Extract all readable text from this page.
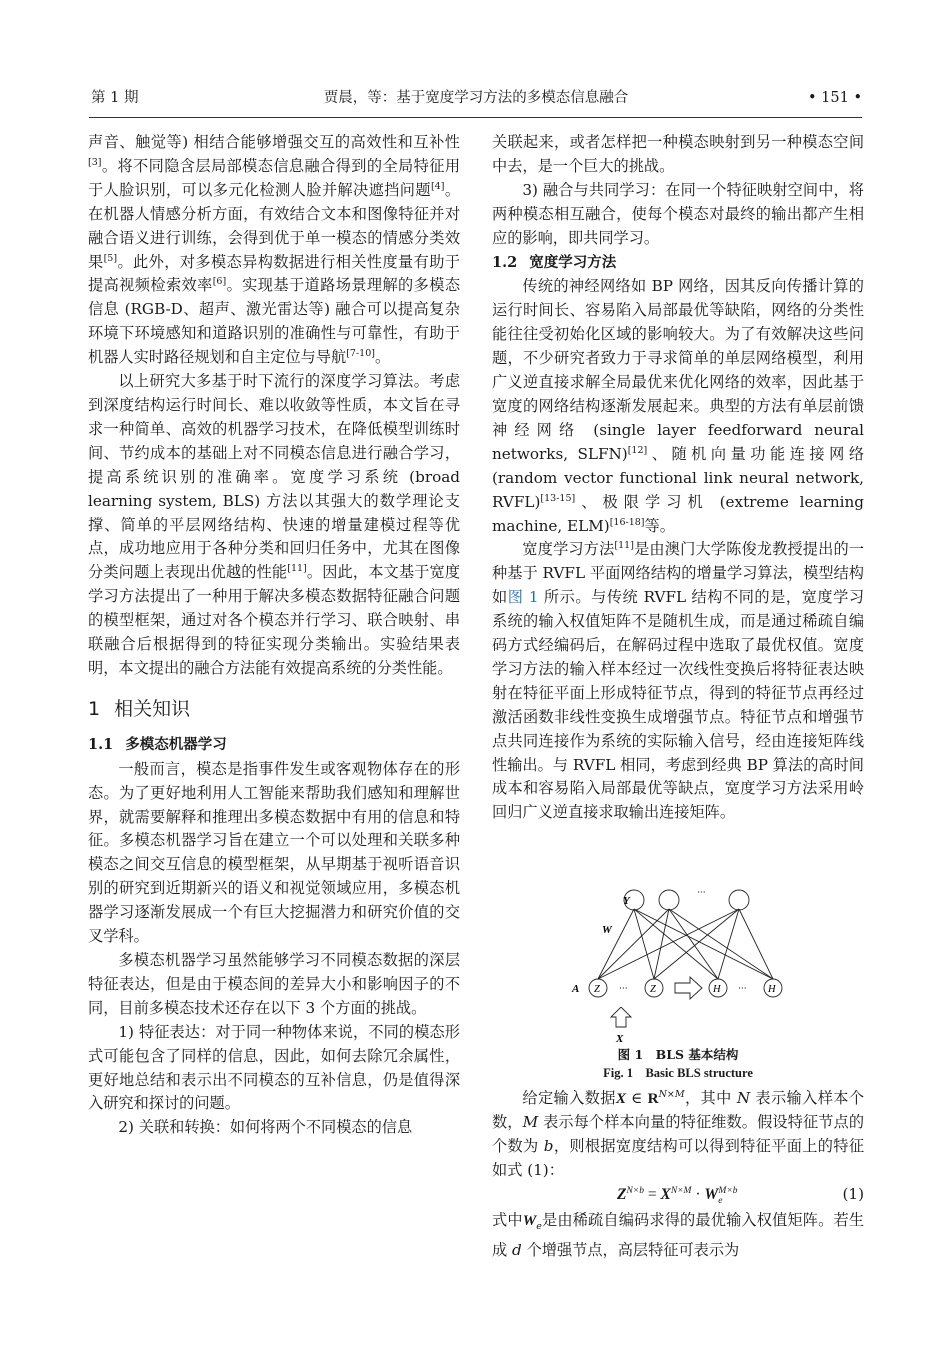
第 1 期	贾晨，等：基于宽度学习方法的多模态信息融合	• 151 •

声音、触觉等) 相结合能够增强交互的高效性和互补性[3]。将不同隐含层局部模态信息融合得到的全局特征用于人脸识别，可以多元化检测人脸并解决遮挡问题[4]。在机器人情感分析方面，有效结合文本和图像特征并对融合语义进行训练，会得到优于单一模态的情感分类效果[5]。此外，对多模态异构数据进行相关性度量有助于提高视频检索效率[6]。实现基于道路场景理解的多模态信息 (RGB-D、超声、激光雷达等) 融合可以提高复杂环境下环境感知和道路识别的准确性与可靠性，有助于机器人实时路径规划和自主定位与导航[7-10]。

以上研究大多基于时下流行的深度学习算法。考虑到深度结构运行时间长、难以收敛等性质，本文旨在寻求一种简单、高效的机器学习技术，在降低模型训练时间、节约成本的基础上对不同模态信息进行融合学习，提高系统识别的准确率。宽度学习系统 (broad learning system, BLS) 方法以其强大的数学理论支撑、简单的平层网络结构、快速的增量建模过程等优点，成功地应用于各种分类和回归任务中，尤其在图像分类问题上表现出优越的性能[11]。因此，本文基于宽度学习方法提出了一种用于解决多模态数据特征融合问题的模型框架，通过对各个模态并行学习、联合映射、串联融合后根据得到的特征实现分类输出。实验结果表明，本文提出的融合方法能有效提高系统的分类性能。

1 相关知识
1.1 多模态机器学习

一般而言，模态是指事件发生或客观物体存在的形态。为了更好地利用人工智能来帮助我们感知和理解世界，就需要解释和推理出多模态数据中有用的信息和特征。多模态机器学习旨在建立一个可以处理和关联多种模态之间交互信息的模型框架，从早期基于视听语音识别的研究到近期新兴的语义和视觉领域应用，多模态机器学习逐渐发展成一个有巨大挖掘潜力和研究价值的交叉学科。

多模态机器学习虽然能够学习不同模态数据的深层特征表达，但是由于模态间的差异大小和影响因子的不同，目前多模态技术还存在以下 3 个方面的挑战。

1) 特征表达：对于同一种物体来说，不同的模态形式可能包含了同样的信息，因此，如何去除冗余属性，更好地总结和表示出不同模态的互补信息，仍是值得深入研究和探讨的问题。

2) 关联和转换：如何将两个不同模态的信息

关联起来，或者怎样把一种模态映射到另一种模态空间中去，是一个巨大的挑战。

3) 融合与共同学习：在同一个特征映射空间中，将两种模态相互融合，使每个模态对最终的输出都产生相应的影响，即共同学习。

1.2 宽度学习方法

传统的神经网络如 BP 网络，因其反向传播计算的运行时间长、容易陷入局部最优等缺陷，网络的分类性能往往受初始化区域的影响较大。为了有效解决这些问题，不少研究者致力于寻求简单的单层网络模型，利用广义逆直接求解全局最优来优化网络的效率，因此基于宽度的网络结构逐渐发展起来。典型的方法有单层前馈神经网络 (single layer feedforward neural networks, SLFN)[12]、随机向量功能连接网络 (random vector functional link neural network, RVFL)[13-15]、极限学习机 (extreme learning machine, ELM)[16-18]等。

宽度学习方法[11]是由澳门大学陈俊龙教授提出的一种基于 RVFL 平面网络结构的增量学习算法，模型结构如图 1 所示。与传统 RVFL 结构不同的是，宽度学习系统的输入权值矩阵不是随机生成，而是通过稀疏自编码方式经编码后，在解码过程中选取了最优权值。宽度学习方法的输入样本经过一次线性变换后将特征表达映射在特征平面上形成特征节点，得到的特征节点再经过激活函数非线性变换生成增强节点。特征节点和增强节点共同连接作为系统的实际输入信号，经由连接矩阵线性输出。与 RVFL 相同，考虑到经典 BP 算法的高时间成本和容易陷入局部最优等缺点，宽度学习方法采用岭回归广义逆直接求取输出连接矩阵。

Y
···
W
A Z ··· Z	H ··· H
X
图 1　BLS 基本结构
Fig. 1　Basic BLS structure

给定输入数据X ∈ $R^{N\times M}$，其中 N 表示输入样本个数，M 表示每个样本向量的特征维数。假设特征节点的个数为 b，则根据宽度结构可以得到特征平面上的特征如式 (1)：

$Z^{N\times b} = X^{N\times M} \cdot W_e^{M\times b}$	(1)

式中$W_e$是由稀疏自编码求得的最优输入权值矩阵。若生成 d 个增强节点，高层特征可表示为
